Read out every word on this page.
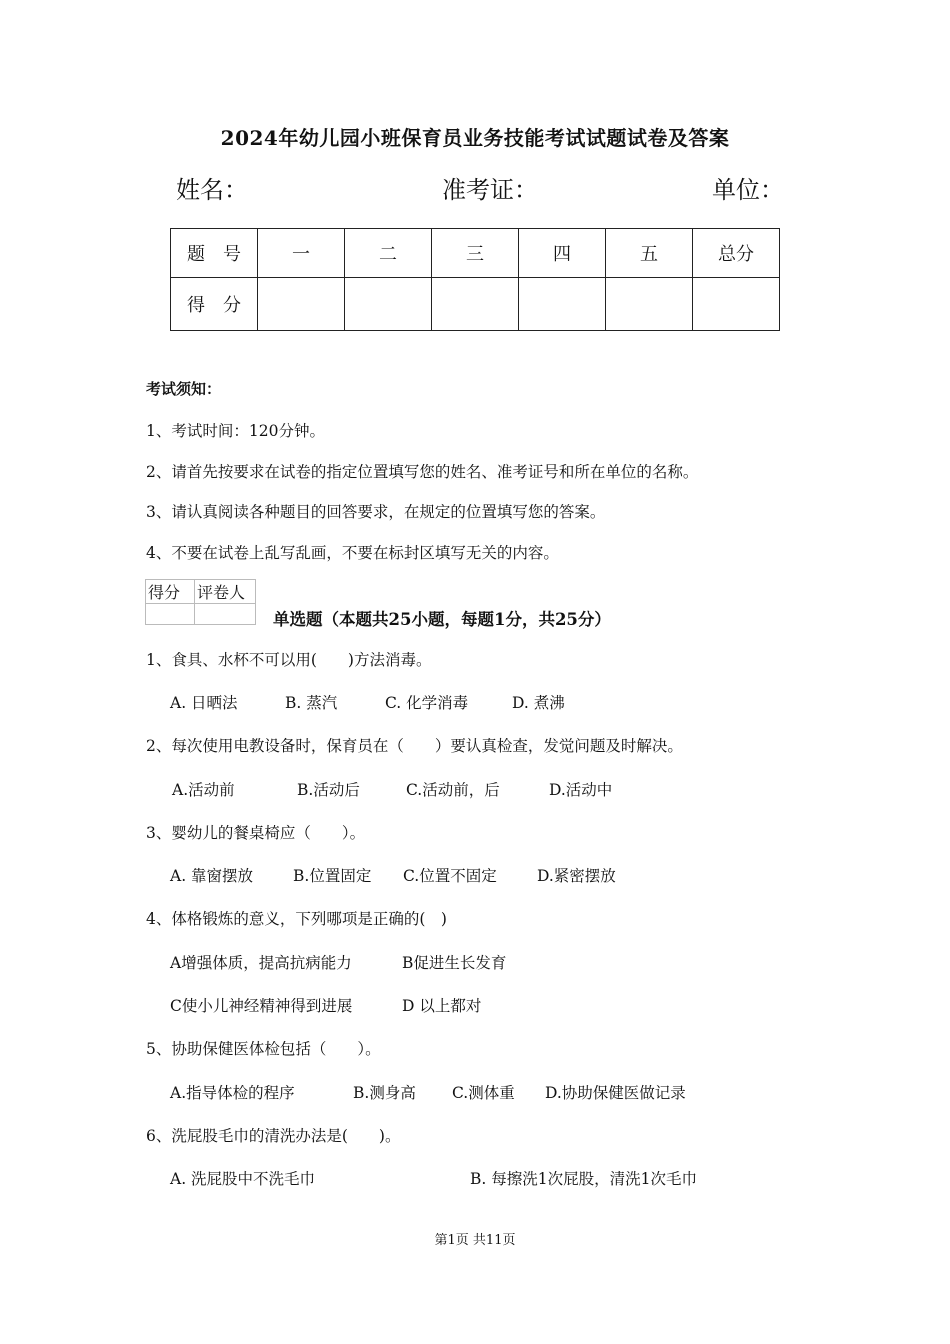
2024年幼儿园小班保育员业务技能考试试题试卷及答案
姓名：	准考证：	单位：
题　号	一	二	三	四	五	总分
得　分						
考试须知：
1、考试时间：120分钟。
2、请首先按要求在试卷的指定位置填写您的姓名、准考证号和所在单位的名称。
3、请认真阅读各种题目的回答要求，在规定的位置填写您的答案。
4、不要在试卷上乱写乱画，不要在标封区填写无关的内容。
得分	评卷人

单选题（本题共25小题，每题1分，共25分）
1、食具、水杯不可以用(　　)方法消毒。
A. 日晒法	B. 蒸汽	C. 化学消毒	D. 煮沸
2、每次使用电教设备时，保育员在（　　）要认真检查，发觉问题及时解决。
A.活动前	B.活动后	C.活动前，后	D.活动中
3、婴幼儿的餐桌椅应（　　）。
A. 靠窗摆放	B.位置固定 C.位置不固定	D.紧密摆放
4、体格锻炼的意义，下列哪项是正确的(　)
A增强体质，提高抗病能力	B促进生长发育
C使小儿神经精神得到进展	D 以上都对
5、协助保健医体检包括（　　）。
A.指导体检的程序	B.测身高 C.测体重 D.协助保健医做记录
6、洗屁股毛巾的清洗办法是(　　)。
A. 洗屁股中不洗毛巾	B. 每擦洗1次屁股，清洗1次毛巾
第1页 共11页
